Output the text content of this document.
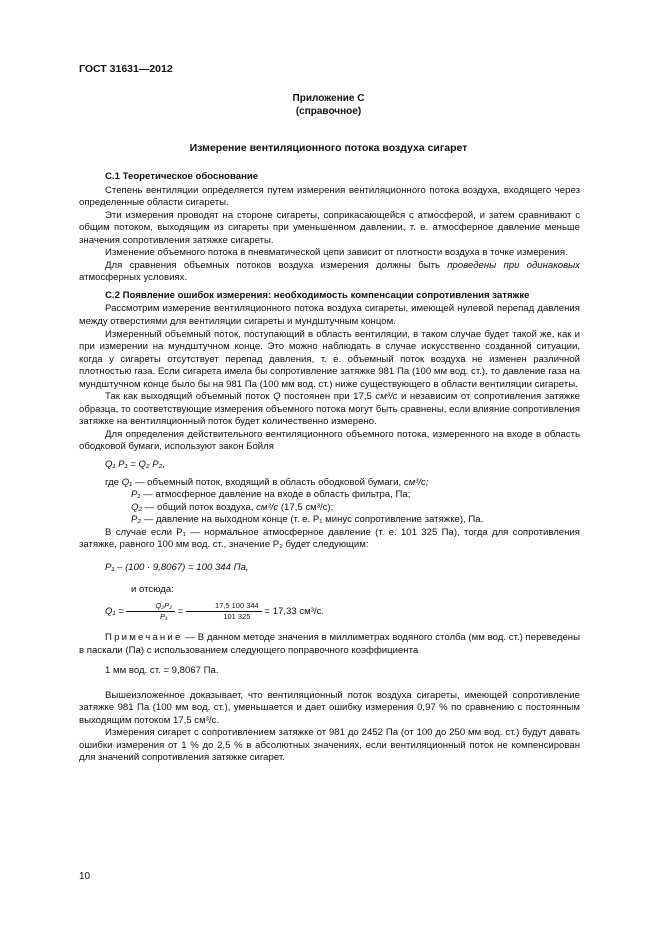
ГОСТ 31631—2012
Приложение С
(справочное)
Измерение вентиляционного потока воздуха сигарет
С.1 Теоретическое обоснование

Степень вентиляции определяется путем измерения вентиляционного потока воздуха, входящего через определенные области сигареты.

Эти измерения проводят на стороне сигареты, соприкасающейся с атмосферой, и затем сравнивают с общим потоком, выходящим из сигареты при уменьшенном давлении, т. е. атмосферное давление меньше значения сопротивления затяжке сигареты.

Изменение объемного потока в пневматической цепи зависит от плотности воздуха в точке измерения.

Для сравнения объемных потоков воздуха измерения должны быть проведены при одинаковых атмосферных условиях.

С.2 Появление ошибок измерения: необходимость компенсации сопротивления затяжке

Рассмотрим измерение вентиляционного потока воздуха сигареты, имеющей нулевой перепад давления между отверстиями для вентиляции сигареты и мундштучным концом.

Измеренный объемный поток, поступающий в область вентиляции, в таком случае будет такой же, как и при измерении на мундштучном конце. Это можно наблюдать в случае искусственно созданной ситуации, когда у сигареты отсутствует перепад давления, т. е. объемный поток воздуха не изменен различной плотностью газа. Если сигарета имела бы сопротивление затяжке 981 Па (100 мм вод. ст.), то давление газа на мундштучном конце было бы на 981 Па (100 мм вод. ст.) ниже существующего в области вентиляции сигареты.

Так как выходящий объемный поток Q постоянен при 17,5 см³/с и независим от сопротивления затяжке образца, то соответствующие измерения объемного потока могут быть сравнены, если влияние сопротивления затяжке на вентиляционный поток будет количественно измерено.

Для определения действительного вентиляционного объемного потока, измеренного на входе в область ободковой бумаги, используют закон Бойля

Q₁ P₁ = Q₂ P₂,

где Q₁ — объемный поток, входящий в область ободковой бумаги, см³/с;

P₁ — атмосферное давление на входе в область фильтра, Па;

Q₂ — общий поток воздуха, см³/с (17,5 см³/с);

P₂ — давление на выходном конце (т. е. P₁ минус сопротивление затяжке), Па.

В случае если P₁ — нормальное атмосферное давление (т. е. 101 325 Па), тогда для сопротивления затяжке, равного 100 мм вод. ст., значение P₂ будет следующим:

P₁ – (100 · 9,8067) = 100 344 Па,

и отсюда:

$Q_1 = \frac{\text{Q₂P₂}}{\text{P₁}} = \frac{17,5 100 344}{101 325} = 17,33$ см³/с.

Примечание — В данном методе значения в миллиметрах водяного столба (мм вод. ст.) переведены в паскали (Па) с использованием следующего поправочного коэффициента

1 мм вод. ст. = 9,8067 Па.

Вышеизложенное доказывает, что вентиляционный поток воздуха сигареты, имеющей сопротивление затяжке 981 Па (100 мм вод. ст.), уменьшается и дает ошибку измерения 0,97 % по сравнению с постоянным выходящим потоком 17,5 см³/с.

Измерения сигарет с сопротивлением затяжке от 981 до 2452 Па (от 100 до 250 мм вод. ст.) будут давать ошибки измерения от 1 % до 2,5 % в абсолютных значениях, если вентиляционный поток не компенсирован для значений сопротивления затяжке сигарет.

10
